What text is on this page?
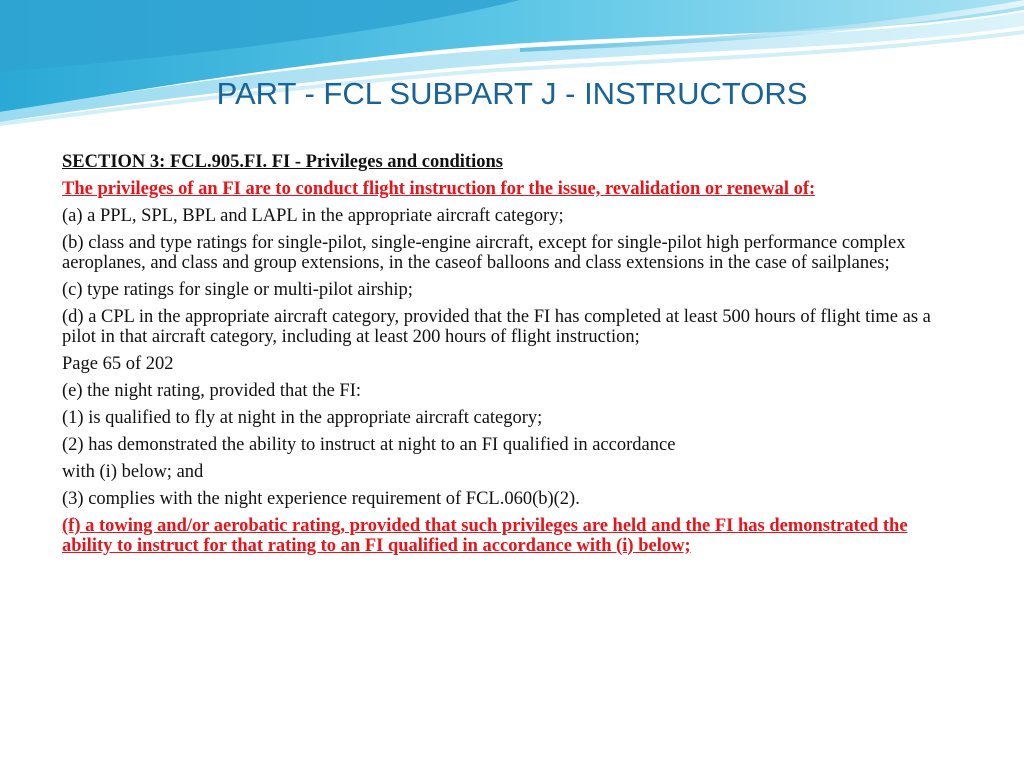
PART - FCL SUBPART J - INSTRUCTORS

SECTION 3: FCL.905.FI. FI - Privileges and conditions

The privileges of an FI are to conduct flight instruction for the issue, revalidation or renewal of:

(a) a PPL, SPL, BPL and LAPL in the appropriate aircraft category;

(b) class and type ratings for single-pilot, single-engine aircraft, except for single-pilot high performance complex aeroplanes, and class and group extensions, in the caseof balloons and class extensions in the case of sailplanes;

(c) type ratings for single or multi-pilot airship;

(d) a CPL in the appropriate aircraft category, provided that the FI has completed at least 500 hours of flight time as a pilot in that aircraft category, including at least 200 hours of flight instruction;

Page 65 of 202

(e) the night rating, provided that the FI:

(1) is qualified to fly at night in the appropriate aircraft category;

(2) has demonstrated the ability to instruct at night to an FI qualified in accordance

with (i) below; and

(3) complies with the night experience requirement of FCL.060(b)(2).

(f) a towing and/or aerobatic rating, provided that such privileges are held and the FI has demonstrated the ability to instruct for that rating to an FI qualified in accordance with (i) below;
